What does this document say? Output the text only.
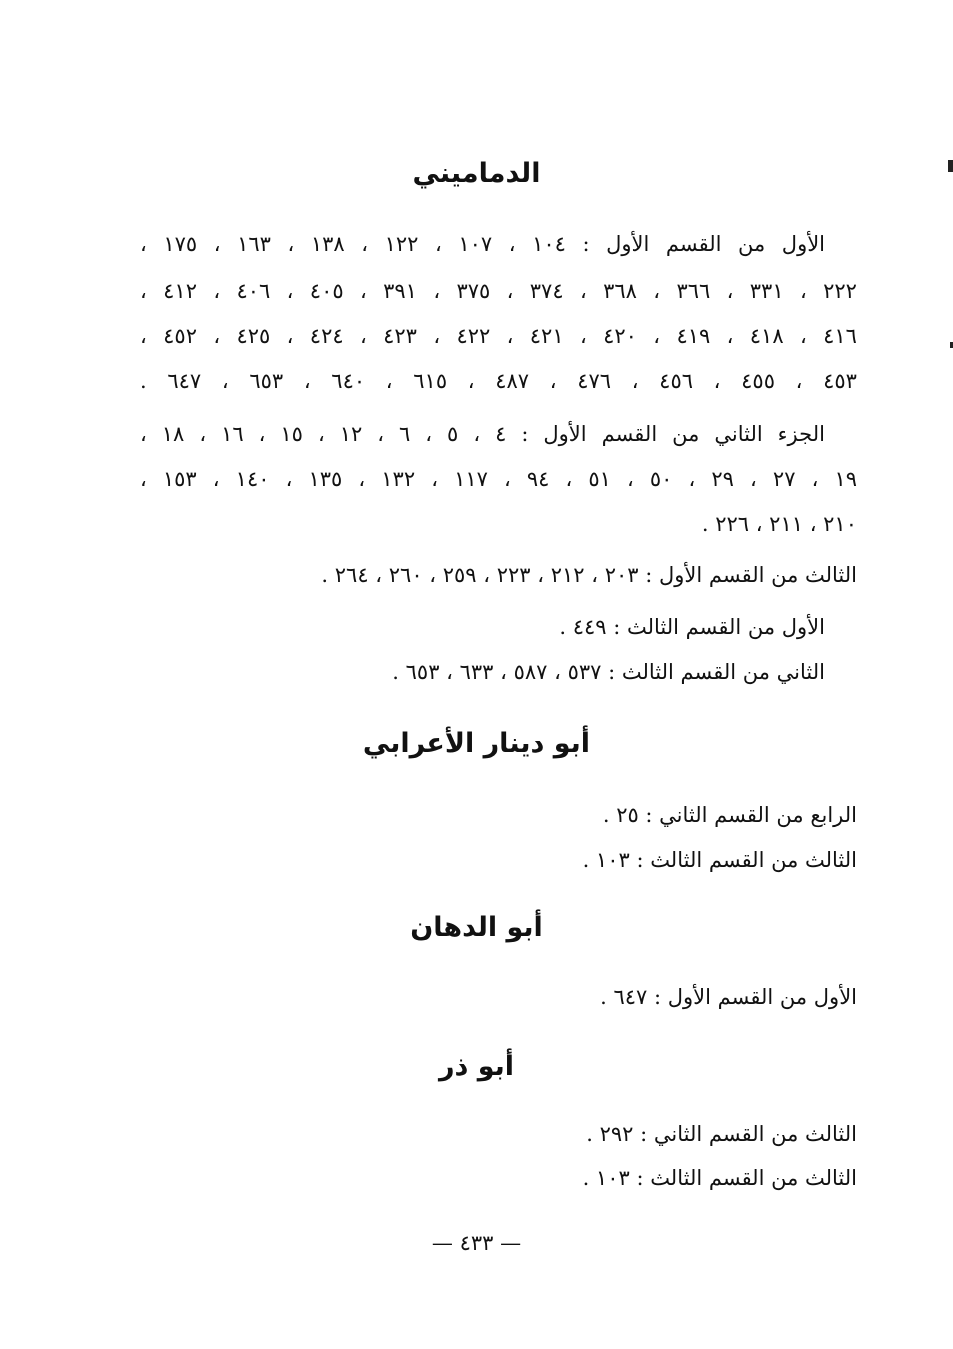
الدماميني
الأول من القسم الأول : ١٠٤ ، ١٠٧ ، ١٢٢ ، ١٣٨ ، ١٦٣ ، ١٧٥ ،
٢٢٢ ، ٣٣١ ، ٣٦٦ ، ٣٦٨ ، ٣٧٤ ، ٣٧٥ ، ٣٩١ ، ٤٠٥ ، ٤٠٦ ، ٤١٢ ،
٤١٦ ، ٤١٨ ، ٤١٩ ، ٤٢٠ ، ٤٢١ ، ٤٢٢ ، ٤٢٣ ، ٤٢٤ ، ٤٢٥ ، ٤٥٢ ،
٤٥٣ ، ٤٥٥ ، ٤٥٦ ، ٤٧٦ ، ٤٨٧ ، ٦١٥ ، ٦٤٠ ، ٦٥٣ ، ٦٤٧ .
الجزء الثاني من القسم الأول : ٤ ، ٥ ، ٦ ، ١٢ ، ١٥ ، ١٦ ، ١٨ ،
١٩ ، ٢٧ ، ٢٩ ، ٥٠ ، ٥١ ، ٩٤ ، ١١٧ ، ١٣٢ ، ١٣٥ ، ١٤٠ ، ١٥٣ ،
٢١٠ ، ٢١١ ، ٢٢٦ .
الثالث من القسم الأول : ٢٠٣ ، ٢١٢ ، ٢٢٣ ، ٢٥٩ ، ٢٦٠ ، ٢٦٤ .
الأول من القسم الثالث : ٤٤٩ .
الثاني من القسم الثالث : ٥٣٧ ، ٥٨٧ ، ٦٣٣ ، ٦٥٣ .
أبو دينار الأعرابي
الرابع من القسم الثاني : ٢٥ .
الثالث من القسم الثالث : ١٠٣ .
أبو الدهان
الأول من القسم الأول : ٦٤٧ .
أبو ذر
الثالث من القسم الثاني : ٢٩٢ .
الثالث من القسم الثالث : ١٠٣ .
— ٤٣٣ —
